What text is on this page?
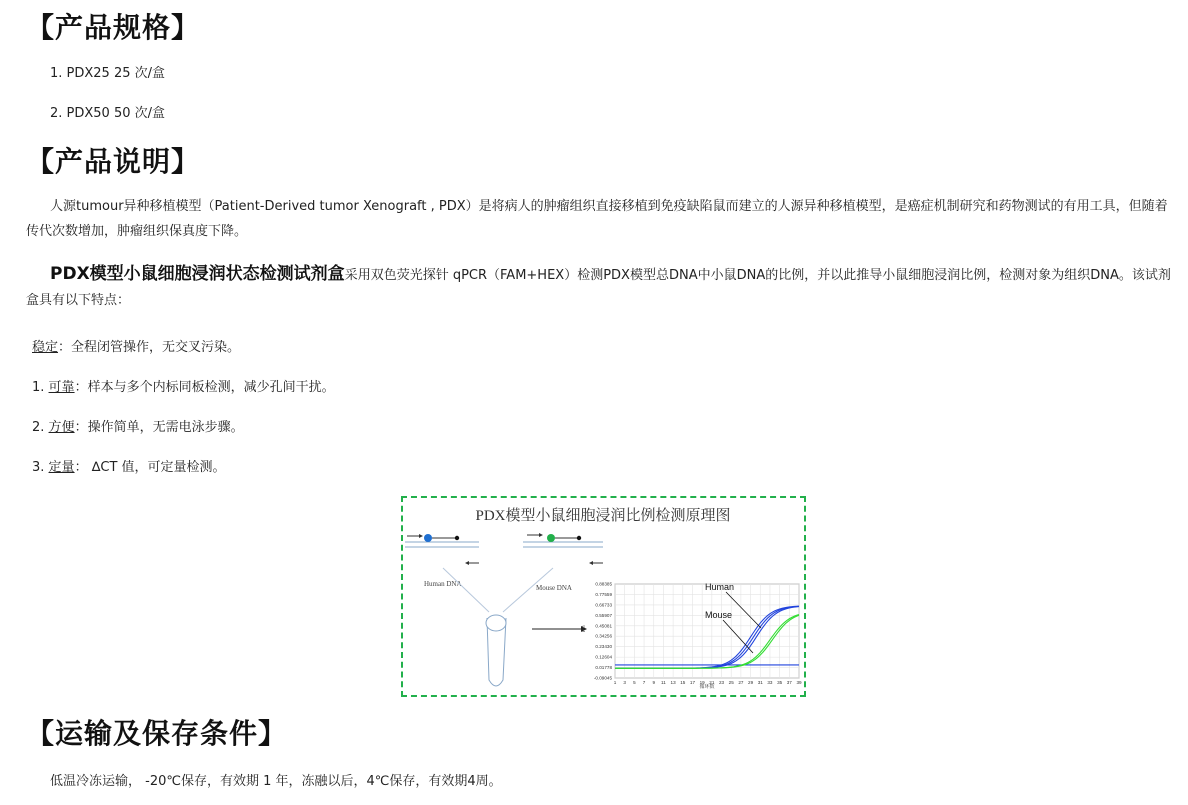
【产品规格】
1. PDX25 25 次/盒
2. PDX50 50 次/盒
【产品说明】
人源tumour异种移植模型（Patient-Derived tumor Xenograft , PDX）是将病人的肿瘤组织直接移植到免疫缺陷鼠而建立的人源异种移植模型，是癌症机制研究和药物测试的有用工具，但随着传代次数增加，肿瘤组织保真度下降。
PDX模型小鼠细胞浸润状态检测试剂盒采用双色荧光探针 qPCR（FAM+HEX）检测PDX模型总DNA中小鼠DNA的比例，并以此推导小鼠细胞浸润比例，检测对象为组织DNA。该试剂盒具有以下特点：
稳定：全程闭管操作，无交叉污染。
1. 可靠：样本与多个内标同板检测，减少孔间干扰。
2. 方便：操作简单，无需电泳步骤。
3. 定量： ∆CT 值，可定量检测。
PDX模型小鼠细胞浸润比例检测原理图
Human DNA	Mouse DNA
-0.09045
0.01778
0.12604
0.23430
0.34256
0.45081
0.55907
0.66733
0.77559
0.88385
1 3 5 7 9 11 13 15 17 19 21 23 25 27 29 31 33 35 37 39
Human
Mouse
循环数
Rn
【运输及保存条件】
低温冷冻运输， -20℃保存，有效期 1 年，冻融以后，4℃保存，有效期4周。
